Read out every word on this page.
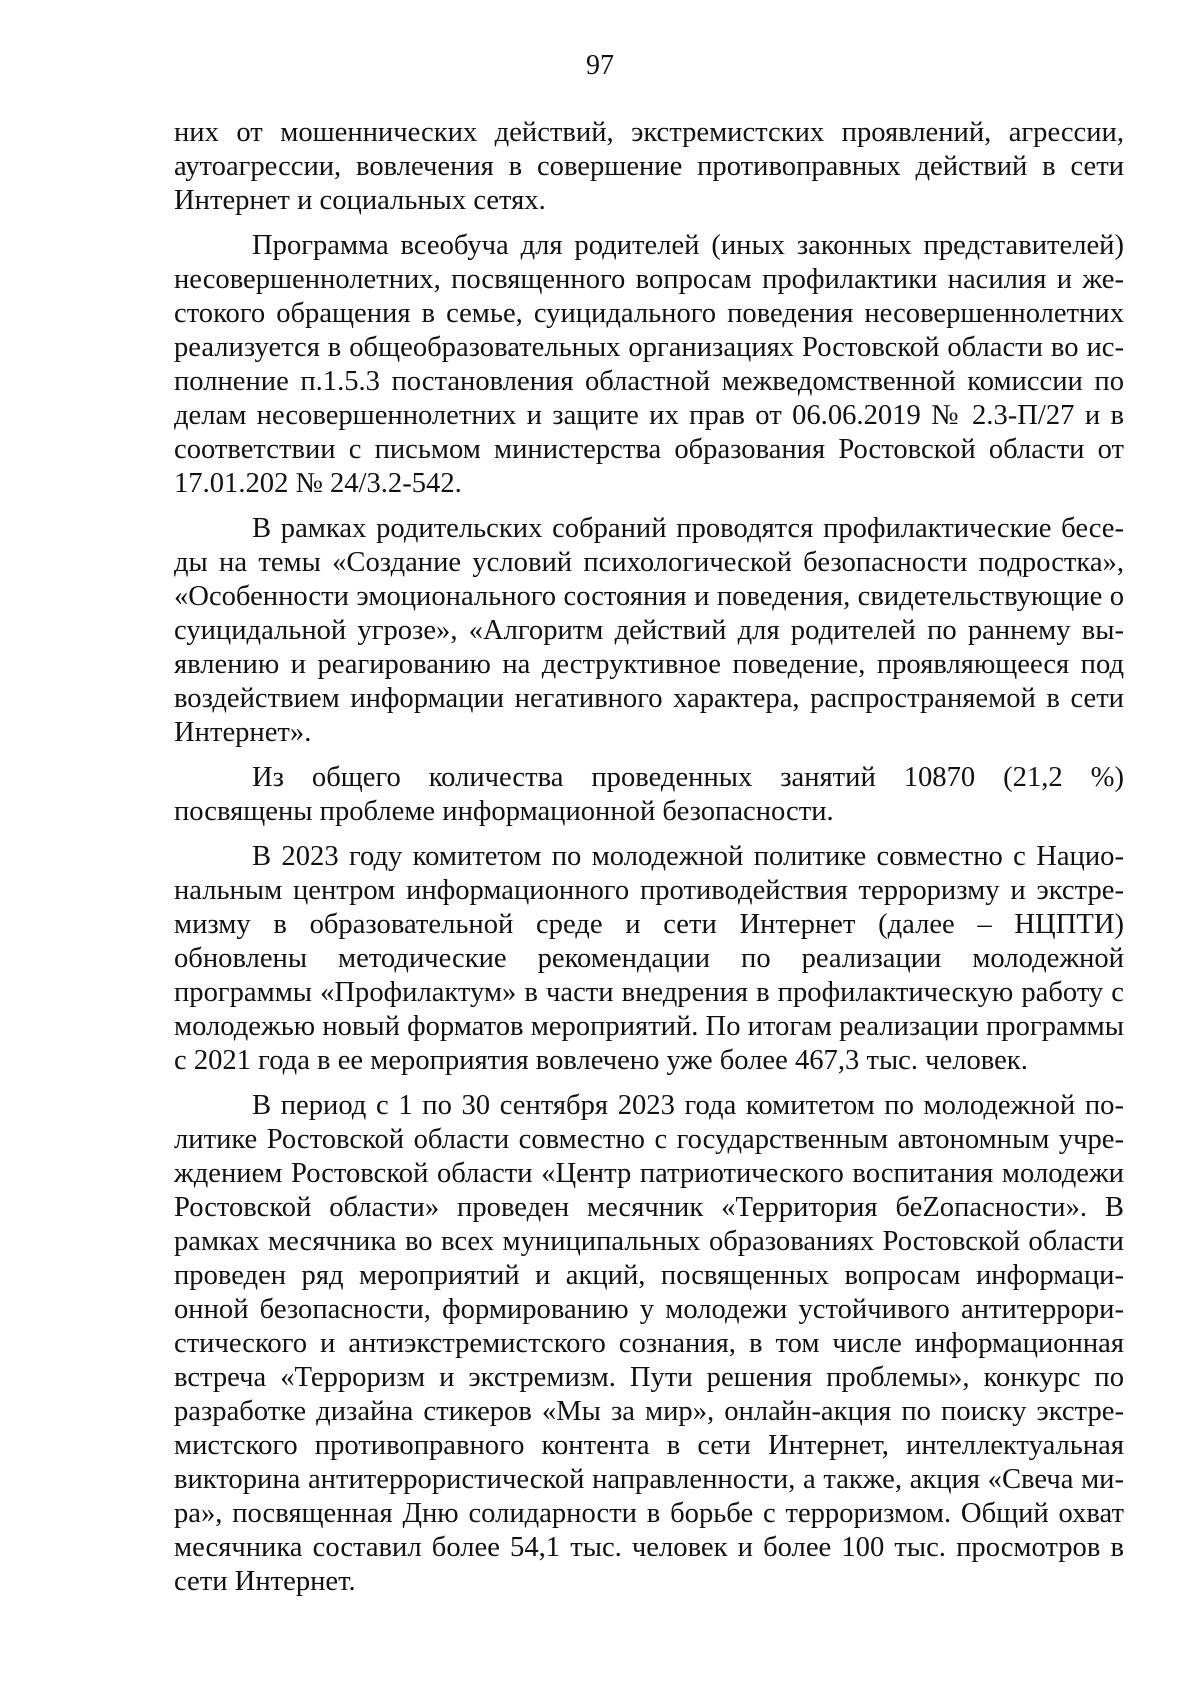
97

них от мошеннических действий, экстремистских проявлений, агрессии, аутоагрессии, вовлечения в совершение противоправных действий в сети Интернет и социальных сетях.

Программа всеобуча для родителей (иных законных представителей) несовершеннолетних, посвященного вопросам профилактики насилия и жестокого обращения в семье, суицидального поведения несовершеннолетних реализуется в общеобразовательных организациях Ростовской области во исполнение п.1.5.3 постановления областной межведомственной комиссии по делам несовершеннолетних и защите их прав от 06.06.2019 № 2.3-П/27 и в соответствии с письмом министерства образования Ростовской области от 17.01.202 № 24/3.2-542.

В рамках родительских собраний проводятся профилактические беседы на темы «Создание условий психологической безопасности подростка», «Особенности эмоционального состояния и поведения, свидетельствующие о суицидальной угрозе», «Алгоритм действий для родителей по раннему выявлению и реагированию на деструктивное поведение, проявляющееся под воздействием информации негативного характера, распространяемой в сети Интернет».

Из общего количества проведенных занятий 10870 (21,2 %) посвящены проблеме информационной безопасности.

В 2023 году комитетом по молодежной политике совместно с Национальным центром информационного противодействия терроризму и экстремизму в образовательной среде и сети Интернет (далее – НЦПТИ) обновлены методические рекомендации по реализации молодежной программы «Профилактум» в части внедрения в профилактическую работу с молодежью новый форматов мероприятий. По итогам реализации программы с 2021 года в ее мероприятия вовлечено уже более 467,3 тыс. человек.

В период с 1 по 30 сентября 2023 года комитетом по молодежной политике Ростовской области совместно с государственным автономным учреждением Ростовской области «Центр патриотического воспитания молодежи Ростовской области» проведен месячник «Территория беZопасности». В рамках месячника во всех муниципальных образованиях Ростовской области проведен ряд мероприятий и акций, посвященных вопросам информационной безопасности, формированию у молодежи устойчивого антитеррористического и антиэкстремистского сознания, в том числе информационная встреча «Терроризм и экстремизм. Пути решения проблемы», конкурс по разработке дизайна стикеров «Мы за мир», онлайн-акция по поиску экстремистского противоправного контента в сети Интернет, интеллектуальная викторина антитеррористической направленности, а также, акция «Свеча мира», посвященная Дню солидарности в борьбе с терроризмом. Общий охват месячника составил более 54,1 тыс. человек и более 100 тыс. просмотров в сети Интернет.
